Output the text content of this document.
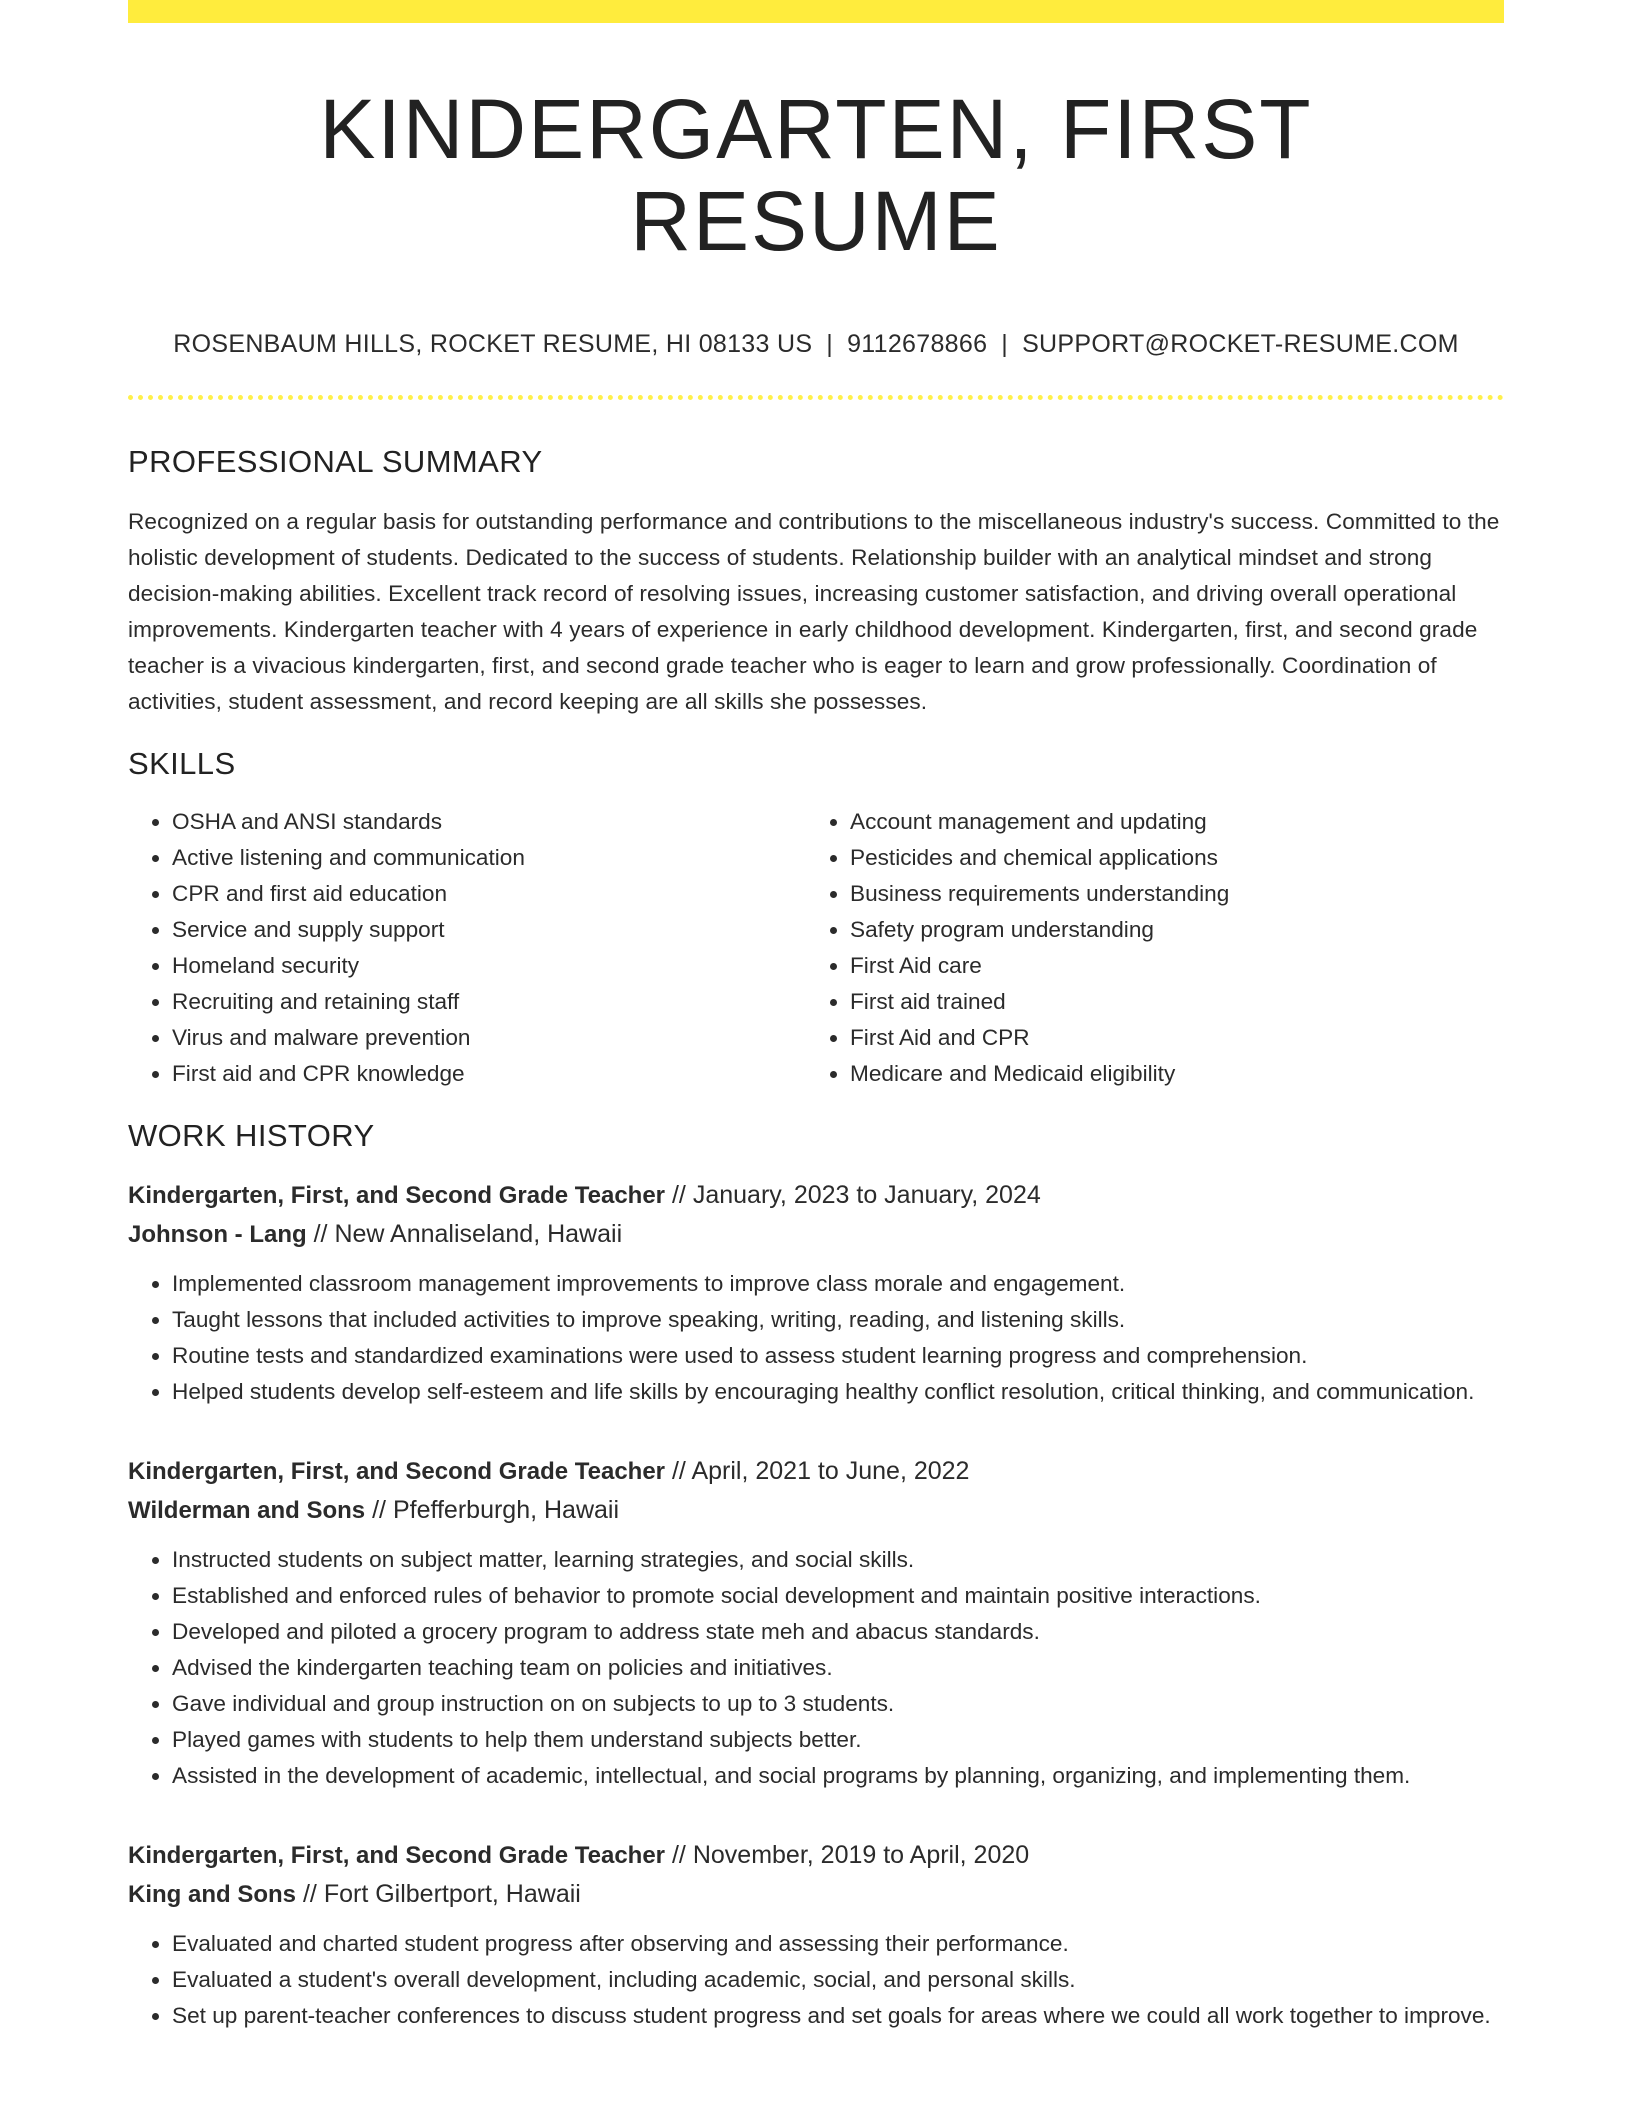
KINDERGARTEN, FIRST RESUME
ROSENBAUM HILLS, ROCKET RESUME, HI 08133 US | 9112678866 | SUPPORT@ROCKET-RESUME.COM
PROFESSIONAL SUMMARY
Recognized on a regular basis for outstanding performance and contributions to the miscellaneous industry's success. Committed to the holistic development of students. Dedicated to the success of students. Relationship builder with an analytical mindset and strong decision-making abilities. Excellent track record of resolving issues, increasing customer satisfaction, and driving overall operational improvements. Kindergarten teacher with 4 years of experience in early childhood development. Kindergarten, first, and second grade teacher is a vivacious kindergarten, first, and second grade teacher who is eager to learn and grow professionally. Coordination of activities, student assessment, and record keeping are all skills she possesses.
SKILLS
• OSHA and ANSI standards
• Active listening and communication
• CPR and first aid education
• Service and supply support
• Homeland security
• Recruiting and retaining staff
• Virus and malware prevention
• First aid and CPR knowledge
• Account management and updating
• Pesticides and chemical applications
• Business requirements understanding
• Safety program understanding
• First Aid care
• First aid trained
• First Aid and CPR
• Medicare and Medicaid eligibility
WORK HISTORY
Kindergarten, First, and Second Grade Teacher // January, 2023 to January, 2024
Johnson - Lang // New Annaliseland, Hawaii
• Implemented classroom management improvements to improve class morale and engagement.
• Taught lessons that included activities to improve speaking, writing, reading, and listening skills.
• Routine tests and standardized examinations were used to assess student learning progress and comprehension.
• Helped students develop self-esteem and life skills by encouraging healthy conflict resolution, critical thinking, and communication.
Kindergarten, First, and Second Grade Teacher // April, 2021 to June, 2022
Wilderman and Sons // Pfefferburgh, Hawaii
• Instructed students on subject matter, learning strategies, and social skills.
• Established and enforced rules of behavior to promote social development and maintain positive interactions.
• Developed and piloted a grocery program to address state meh and abacus standards.
• Advised the kindergarten teaching team on policies and initiatives.
• Gave individual and group instruction on on subjects to up to 3 students.
• Played games with students to help them understand subjects better.
• Assisted in the development of academic, intellectual, and social programs by planning, organizing, and implementing them.
Kindergarten, First, and Second Grade Teacher // November, 2019 to April, 2020
King and Sons // Fort Gilbertport, Hawaii
• Evaluated and charted student progress after observing and assessing their performance.
• Evaluated a student's overall development, including academic, social, and personal skills.
• Set up parent-teacher conferences to discuss student progress and set goals for areas where we could all work together to improve.
